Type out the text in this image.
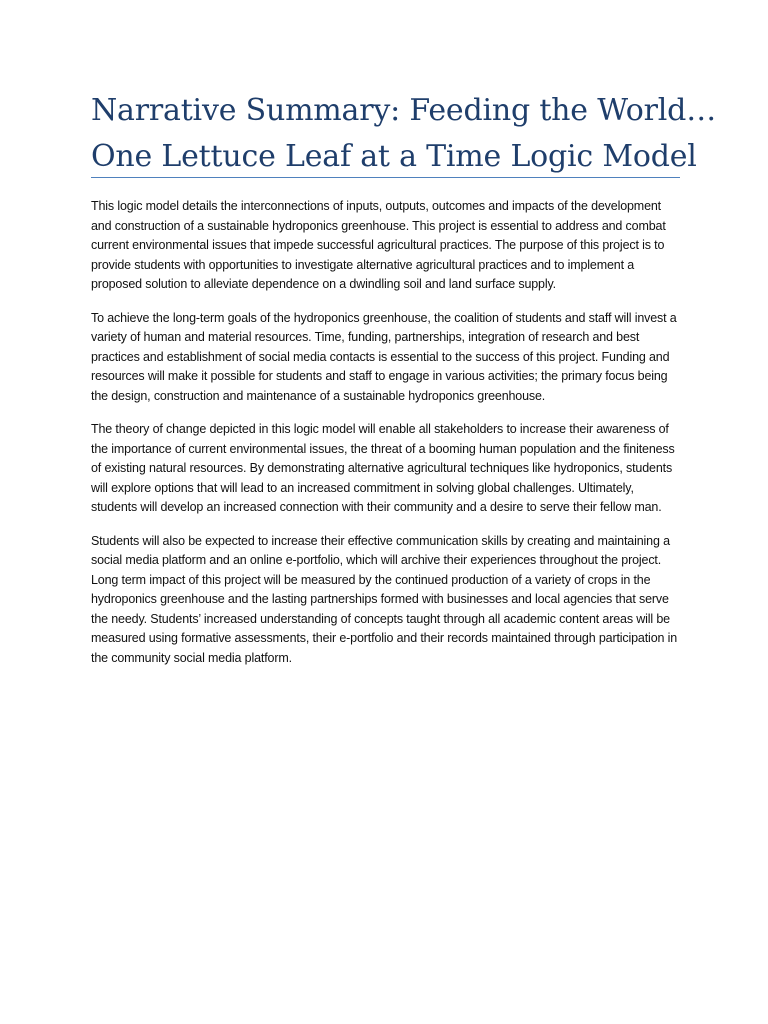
Narrative Summary: Feeding the World…
One Lettuce Leaf at a Time Logic Model

This logic model details the interconnections of inputs, outputs, outcomes and impacts of the development and construction of a sustainable hydroponics greenhouse. This project is essential to address and combat current environmental issues that impede successful agricultural practices. The purpose of this project is to provide students with opportunities to investigate alternative agricultural practices and to implement a proposed solution to alleviate dependence on a dwindling soil and land surface supply.

To achieve the long-term goals of the hydroponics greenhouse, the coalition of students and staff will invest a variety of human and material resources. Time, funding, partnerships, integration of research and best practices and establishment of social media contacts is essential to the success of this project. Funding and resources will make it possible for students and staff to engage in various activities; the primary focus being the design, construction and maintenance of a sustainable hydroponics greenhouse.

The theory of change depicted in this logic model will enable all stakeholders to increase their awareness of the importance of current environmental issues, the threat of a booming human population and the finiteness of existing natural resources. By demonstrating alternative agricultural techniques like hydroponics, students will explore options that will lead to an increased commitment in solving global challenges. Ultimately, students will develop an increased connection with their community and a desire to serve their fellow man.

Students will also be expected to increase their effective communication skills by creating and maintaining a social media platform and an online e-portfolio, which will archive their experiences throughout the project. Long term impact of this project will be measured by the continued production of a variety of crops in the hydroponics greenhouse and the lasting partnerships formed with businesses and local agencies that serve the needy. Students’ increased understanding of concepts taught through all academic content areas will be measured using formative assessments, their e-portfolio and their records maintained through participation in the community social media platform.
